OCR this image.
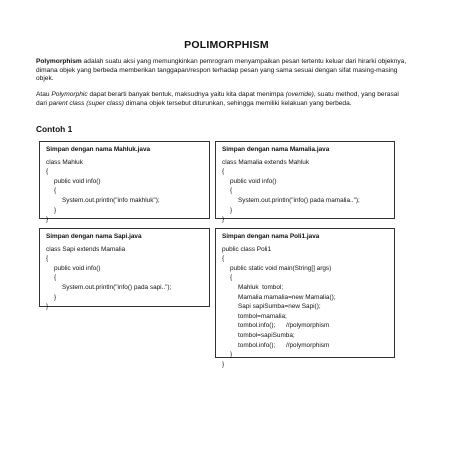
POLIMORPHISM

Polymorphism adalah suatu aksi yang memungkinkan pemrogram menyampaikan pesan tertentu keluar dari hirarki objeknya, dimana objek yang berbeda memberikan tanggapan/respon terhadap pesan yang sama sesuai dengan sifat masing-masing objek.

Atau Polymorphic dapat berarti banyak bentuk, maksudnya yaitu kita dapat menimpa (override), suatu method, yang berasal dari parent class (super class) dimana objek tersebut diturunkan, sehingga memiliki kelakuan yang berbeda.

Contoh 1
Simpan dengan nama Mahluk.java
class Mahluk
{
public void info()
{
System.out.println("info makhluk");
}
}
Simpan dengan nama Mamalia.java
class Mamalia extends Mahluk
{
public void info()
{
System.out.println("info() pada mamalia..");
}
}
Simpan dengan nama Sapi.java
class Sapi extends Mamalia
{
public void info()
{
System.out.println("info() pada sapi..");
}
}
Simpan dengan nama Poli1.java
public class Poli1
{
public static void main(String[] args)
{
Mahluk  tombol;
Mamalia mamalia=new Mamalia();
Sapi sapiSumba=new Sapi();
tombol=mamalia;
tombol.info();      //polymorphism
tombol=sapiSumba;
tombol.info();      //polymorphism
}
}
